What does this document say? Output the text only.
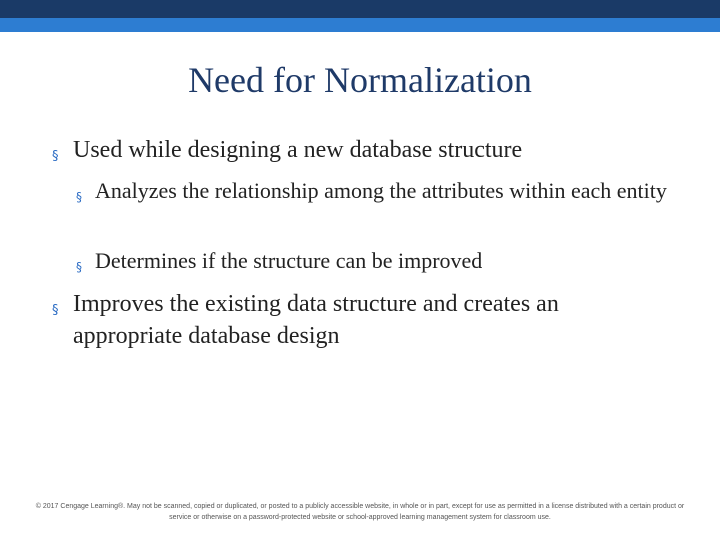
Need for Normalization
§ Used while designing a new database structure
§ Analyzes the relationship among the attributes within each entity
§ Determines if the structure can be improved
§ Improves the existing data structure and creates an appropriate database design
© 2017 Cengage Learning®. May not be scanned, copied or duplicated, or posted to a publicly accessible website, in whole or in part, except for use as permitted in a license distributed with a certain product or service or otherwise on a password-protected website or school-approved learning management system for classroom use.
